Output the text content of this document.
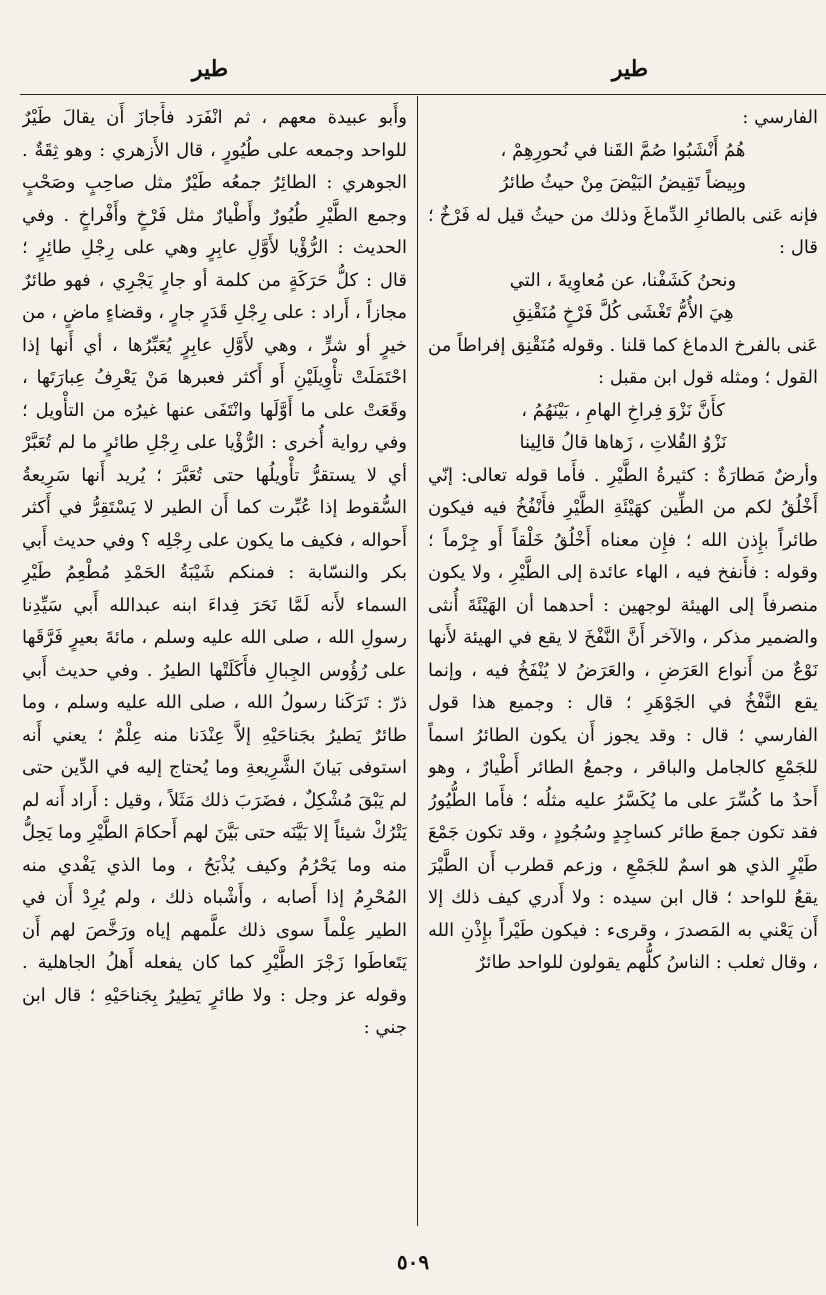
طير
طير

الفارسي :

هُمُ أَنْشَبُوا صُمَّ القَنا في نُحورِهِمْ ،

وبِيضاً تَقِيضُ البَيْضَ مِنْ حيثُ طائرُ

فإنه عَنى بالطائرِ الدِّماغَ وذلك من حيثُ قيل له فَرْخٌ ؛ قال :

ونحنُ كَشَفْنا، عن مُعاوِيةَ ، التي

هِيَ الأُمُّ تَغْشَى كُلَّ فَرْخٍ مُنَقْنِقِ

عَنى بالفرخ الدماغ كما قلنا . وقوله مُنَقْنِق إفراطاً من القول ؛ ومثله قول ابن مقبل :

كأَنَّ نَزْوَ فِراخِ الهامِ ، بَيْنَهُمُ ،

نَزْوُ القُلاتِ ، زَهاها قالُ قالِينا

وأرضٌ مَطارَةٌ : كثيرةُ الطَّيْرِ . فأَما قوله تعالى: إنّي أَخْلُقُ لكم من الطِّين كهَيْئَةِ الطَّيْرِ فأَنْفُخُ فيه فيكون طائراً بإِذن الله ؛ فإِن معناه أَخْلُقُ خَلْقاً أَو جِرْماً ؛ وقوله : فأَنفخ فيه ، الهاء عائدة إلى الطَّيْرِ ، ولا يكون منصرفاً إلى الهيئة لوجهين : أحدهما أن الهَيْئَةَ أُنثى والضمير مذكر ، والآخر أَنَّ النَّفْخَ لا يقع في الهيئة لأَنها نَوْعٌ من أَنواع العَرَضِ ، والعَرَضُ لا يُنْفَخُ فيه ، وإنما يقع النَّفْخُ في الجَوْهَرِ ؛ قال : وجميع هذا قول الفارسي ؛ قال : وقد يجوز أَن يكون الطائرُ اسماً للجَمْعِ كالجامل والباقر ، وجمعُ الطائر أَطْيارٌ ، وهو أَحدُ ما كُسِّرَ على ما يُكَسَّرُ عليه مثلُه ؛ فأَما الطُّيُورُ فقد تكون جمعَ طائر كساجِدٍ وسُجُودٍ ، وقد تكون جَمْعَ طَيْرٍ الذي هو اسمٌ للجَمْعِ ، وزعم قطرب أَن الطَّيْرَ يقعُ للواحد ؛ قال ابن سيده : ولا أَدري كيف ذلك إلا أَن يَعْني به المَصدرَ ، وقرىء : فيكون طَيْراً بإِذْنِ الله ، وقال ثعلب : الناسُ كلُّهم يقولون للواحد طائرٌ

وأَبو عبيدة معهم ، ثم انْفَرَد فأَجازَ أَن يقالَ طَيْرٌ للواحد وجمعه على طُيُورٍ ، قال الأَزهري : وهو ثِقَةٌ . الجوهري : الطائِرُ جمعُه طَيْرٌ مثل صاحِبٍ وصَحْبٍ وجمع الطَّيْرِ طُيُورٌ وأَطْيارٌ مثل فَرْخٍ وأَفْراخٍ . وفي الحديث : الرُّؤْيا لأَوَّلِ عابِرٍ وهي على رِجْلِ طائِرٍ ؛ قال : كلُّ حَرَكَةٍ من كلمة أو جارٍ يَجْرِي ، فهو طائرٌ مجازاً ، أَراد : على رِجْلِ قَدَرٍ جارٍ ، وقضاءٍ ماضٍ ، من خيرٍ أو شرٍّ ، وهي لأَوَّلِ عابِرٍ يُعَبِّرُها ، أي أَنها إذا احْتَمَلَتْ تأْوِيلَيْنِ أَو أَكثر فعبرها مَنْ يَعْرِفُ عِبارَتَها ، وقَعَتْ على ما أَوَّلَها وانْتَفَى عنها غيرُه من التأْويل ؛ وفي رواية أُخرى : الرُّؤْيا على رِجْلِ طائرٍ ما لم تُعَبَّرْ أي لا يستقرُّ تأْويلُها حتى تُعَبَّرَ ؛ يُريد أَنها سَرِيعةُ السُّقوط إذا عُبِّرت كما أَن الطير لا يَسْتَقِرُّ في أَكثر أَحواله ، فكيف ما يكون على رِجْلِه ؟ وفي حديث أَبي بكر والنسّابة : فمنكم شَيْبَةُ الحَمْدِ مُطْعِمُ طَيْرِ السماء لأَنه لَمَّا نَحَرَ فِداءَ ابنه عبدالله أَبي سَيِّدِنا رسولِ الله ، صلى الله عليه وسلم ، مائةَ بعيرٍ فَرَّقَها على رُؤُوس الجِبالِ فأَكَلَتْها الطيرُ . وفي حديث أَبي ذرّ : تَرَكَنا رسولُ الله ، صلى الله عليه وسلم ، وما طائرٌ يَطيرُ بجَناحَيْهِ إلاَّ عِنْدَنا منه عِلْمٌ ؛ يعني أَنه استوفى بَيانَ الشَّرِيعةِ وما يُحتاج إليه في الدِّين حتى لم يَبْقَ مُشْكِلٌ ، فضَرَبَ ذلك مَثَلاً ، وقيل : أَراد أَنه لم يَتْرُكْ شيئاً إلا بَيَّنَه حتى بَيَّنَ لهم أَحكامَ الطَّيْرِ وما يَحِلُّ منه وما يَحْرُمُ وكيف يُذْبَحُ ، وما الذي يَفْدي منه المُحْرِمُ إذا أَصابه ، وأَشْباه ذلك ، ولم يُرِدْ أَن في الطير عِلْماً سوى ذلك علَّمهم إياه ورَخَّصَ لهم أَن يَتَعاطَوا زَجْرَ الطَّيْرِ كما كان يفعله أَهلُ الجاهلية . وقوله عز وجل : ولا طائرٍ يَطِيرُ بِجَناحَيْهِ ؛ قال ابن جني :

٥٠٩
